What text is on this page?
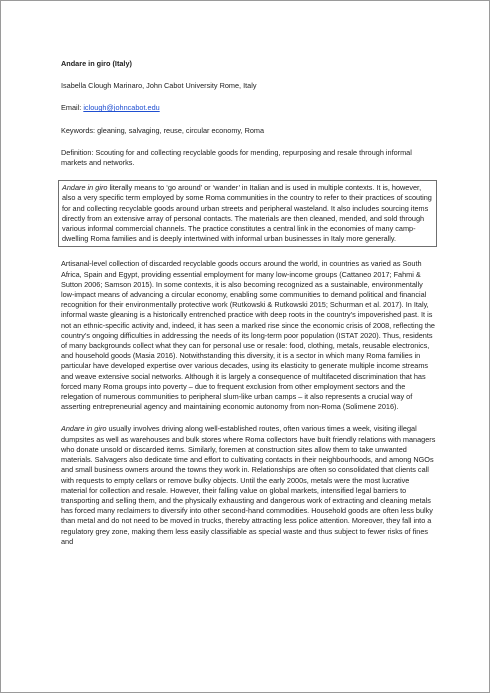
Andare in giro (Italy)
Isabella Clough Marinaro, John Cabot University Rome, Italy
Email: iclough@johncabot.edu
Keywords: gleaning, salvaging, reuse, circular economy, Roma
Definition: Scouting for and collecting recyclable goods for mending, repurposing and resale through informal markets and networks.
Andare in giro literally means to ‘go around’ or ‘wander’ in Italian and is used in multiple contexts. It is, however, also a very specific term employed by some Roma communities in the country to refer to their practices of scouting for and collecting recyclable goods around urban streets and peripheral wasteland. It also includes sourcing items directly from an extensive array of personal contacts. The materials are then cleaned, mended, and sold through various informal commercial channels. The practice constitutes a central link in the economies of many camp-dwelling Roma families and is deeply intertwined with informal urban businesses in Italy more generally.

Artisanal-level collection of discarded recyclable goods occurs around the world, in countries as varied as South Africa, Spain and Egypt, providing essential employment for many low-income groups (Cattaneo 2017; Fahmi & Sutton 2006; Samson 2015). In some contexts, it is also becoming recognized as a sustainable, environmentally low-impact means of advancing a circular economy, enabling some communities to demand political and financial recognition for their environmentally protective work (Rutkowski & Rutkowski 2015; Schurman et al. 2017). In Italy, informal waste gleaning is a historically entrenched practice with deep roots in the country’s impoverished past. It is not an ethnic-specific activity and, indeed, it has seen a marked rise since the economic crisis of 2008, reflecting the country’s ongoing difficulties in addressing the needs of its long-term poor population (ISTAT 2020). Thus, residents of many backgrounds collect what they can for personal use or resale: food, clothing, metals, reusable electronics, and household goods (Masia 2016). Notwithstanding this diversity, it is a sector in which many Roma families in particular have developed expertise over various decades, using its elasticity to generate multiple income streams and weave extensive social networks. Although it is largely a consequence of multifaceted discrimination that has forced many Roma groups into poverty – due to frequent exclusion from other employment sectors and the relegation of numerous communities to peripheral slum-like urban camps – it also represents a crucial way of asserting entrepreneurial agency and maintaining economic autonomy from non-Roma (Solimene 2016).

Andare in giro usually involves driving along well-established routes, often various times a week, visiting illegal dumpsites as well as warehouses and bulk stores where Roma collectors have built friendly relations with managers who donate unsold or discarded items. Similarly, foremen at construction sites allow them to take unwanted materials. Salvagers also dedicate time and effort to cultivating contacts in their neighbourhoods, and among NGOs and small business owners around the towns they work in. Relationships are often so consolidated that clients call with requests to empty cellars or remove bulky objects. Until the early 2000s, metals were the most lucrative material for collection and resale. However, their falling value on global markets, intensified legal barriers to transporting and selling them, and the physically exhausting and dangerous work of extracting and cleaning metals has forced many reclaimers to diversify into other second-hand commodities. Household goods are often less bulky than metal and do not need to be moved in trucks, thereby attracting less police attention. Moreover, they fall into a regulatory grey zone, making them less easily classifiable as special waste and thus subject to fewer risks of fines and
